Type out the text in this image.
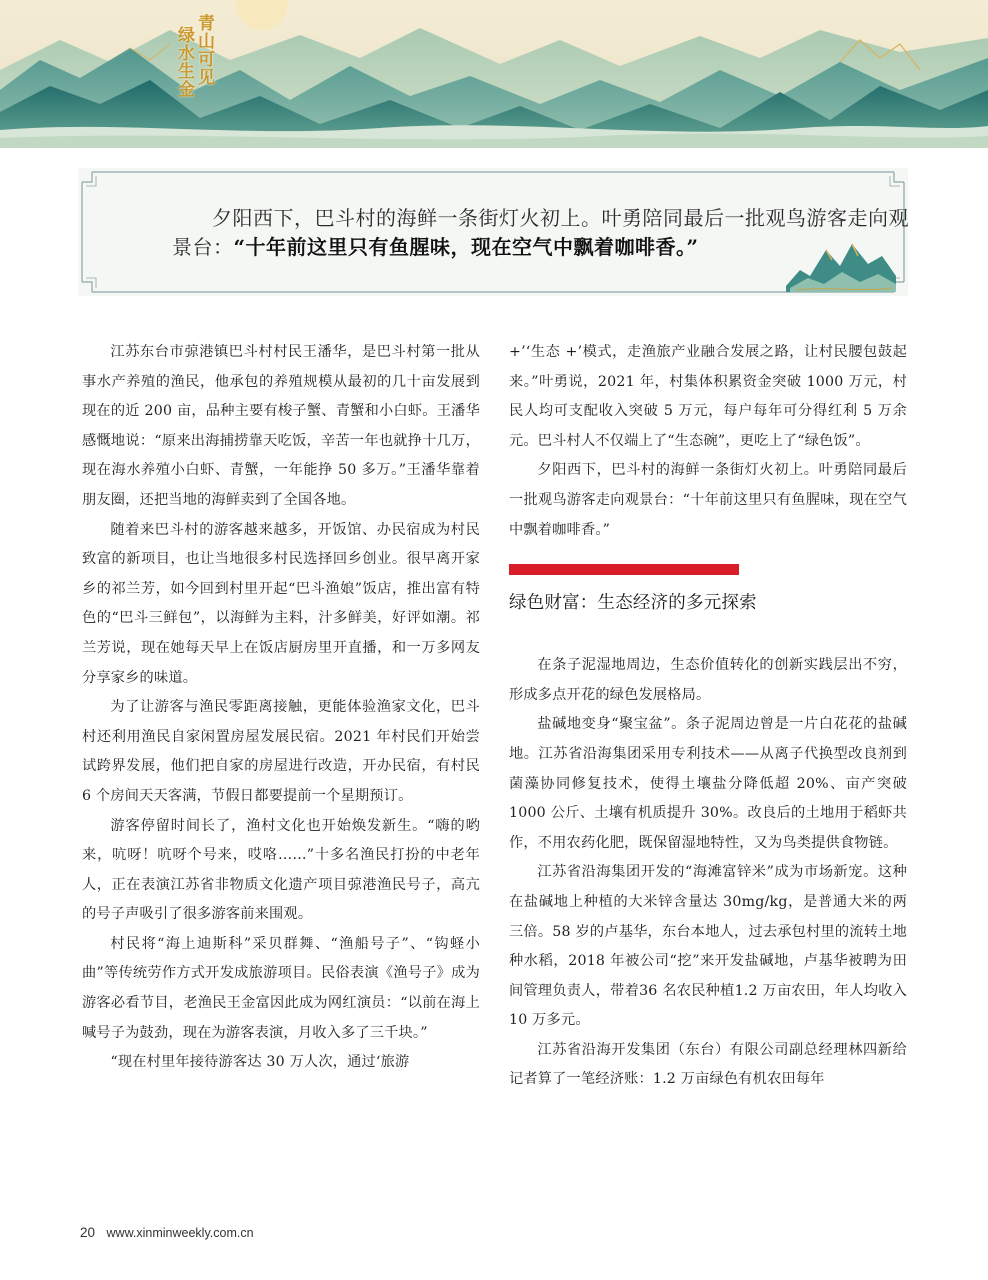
青山可见
绿水生金
夕阳西下，巴斗村的海鲜一条街灯火初上。叶勇陪同最后一批观鸟游客走向观
景台：“十年前这里只有鱼腥味，现在空气中飘着咖啡香。”

江苏东台市弶港镇巴斗村村民王潘华，是巴斗村第一批从事水产养殖的渔民，他承包的养殖规模从最初的几十亩发展到现在的近 200 亩，品种主要有梭子蟹、青蟹和小白虾。王潘华感慨地说：“原来出海捕捞靠天吃饭，辛苦一年也就挣十几万，现在海水养殖小白虾、青蟹，一年能挣 50 多万。”王潘华靠着朋友圈，还把当地的海鲜卖到了全国各地。

随着来巴斗村的游客越来越多，开饭馆、办民宿成为村民致富的新项目，也让当地很多村民选择回乡创业。很早离开家乡的祁兰芳，如今回到村里开起“巴斗渔娘”饭店，推出富有特色的“巴斗三鲜包”，以海鲜为主料，汁多鲜美，好评如潮。祁兰芳说，现在她每天早上在饭店厨房里开直播，和一万多网友分享家乡的味道。

为了让游客与渔民零距离接触，更能体验渔家文化，巴斗村还利用渔民自家闲置房屋发展民宿。2021 年村民们开始尝试跨界发展，他们把自家的房屋进行改造，开办民宿，有村民 6 个房间天天客满，节假日都要提前一个星期预订。

游客停留时间长了，渔村文化也开始焕发新生。“嗨的哟来，吭呀！吭呀个号来，哎咯……”十多名渔民打扮的中老年人，正在表演江苏省非物质文化遗产项目弶港渔民号子，高亢的号子声吸引了很多游客前来围观。

村民将“海上迪斯科”采贝群舞、“渔船号子”、“钩蛏小曲”等传统劳作方式开发成旅游项目。民俗表演《渔号子》成为游客必看节目，老渔民王金富因此成为网红演员：“以前在海上喊号子为鼓劲，现在为游客表演，月收入多了三千块。”

“现在村里年接待游客达 30 万人次，通过‘旅游

+’‘生态 +’模式，走渔旅产业融合发展之路，让村民腰包鼓起来。”叶勇说，2021 年，村集体积累资金突破 1000 万元，村民人均可支配收入突破 5 万元，每户每年可分得红利 5 万余元。巴斗村人不仅端上了“生态碗”，更吃上了“绿色饭”。

夕阳西下，巴斗村的海鲜一条街灯火初上。叶勇陪同最后一批观鸟游客走向观景台：“十年前这里只有鱼腥味，现在空气中飘着咖啡香。”

绿色财富：生态经济的多元探索

在条子泥湿地周边，生态价值转化的创新实践层出不穷，形成多点开花的绿色发展格局。

盐碱地变身“聚宝盆”。条子泥周边曾是一片白花花的盐碱地。江苏省沿海集团采用专利技术——从离子代换型改良剂到菌藻协同修复技术，使得土壤盐分降低超 20%、亩产突破 1000 公斤、土壤有机质提升 30%。改良后的土地用于稻虾共作，不用农药化肥，既保留湿地特性，又为鸟类提供食物链。

江苏省沿海集团开发的“海滩富锌米”成为市场新宠。这种在盐碱地上种植的大米锌含量达 30mg/kg，是普通大米的两三倍。58 岁的卢基华，东台本地人，过去承包村里的流转土地种水稻，2018 年被公司“挖”来开发盐碱地，卢基华被聘为田间管理负责人，带着36 名农民种植1.2 万亩农田，年人均收入 10 万多元。

江苏省沿海开发集团（东台）有限公司副总经理林四新给记者算了一笔经济账：1.2 万亩绿色有机农田每年

20 www.xinminweekly.com.cn
